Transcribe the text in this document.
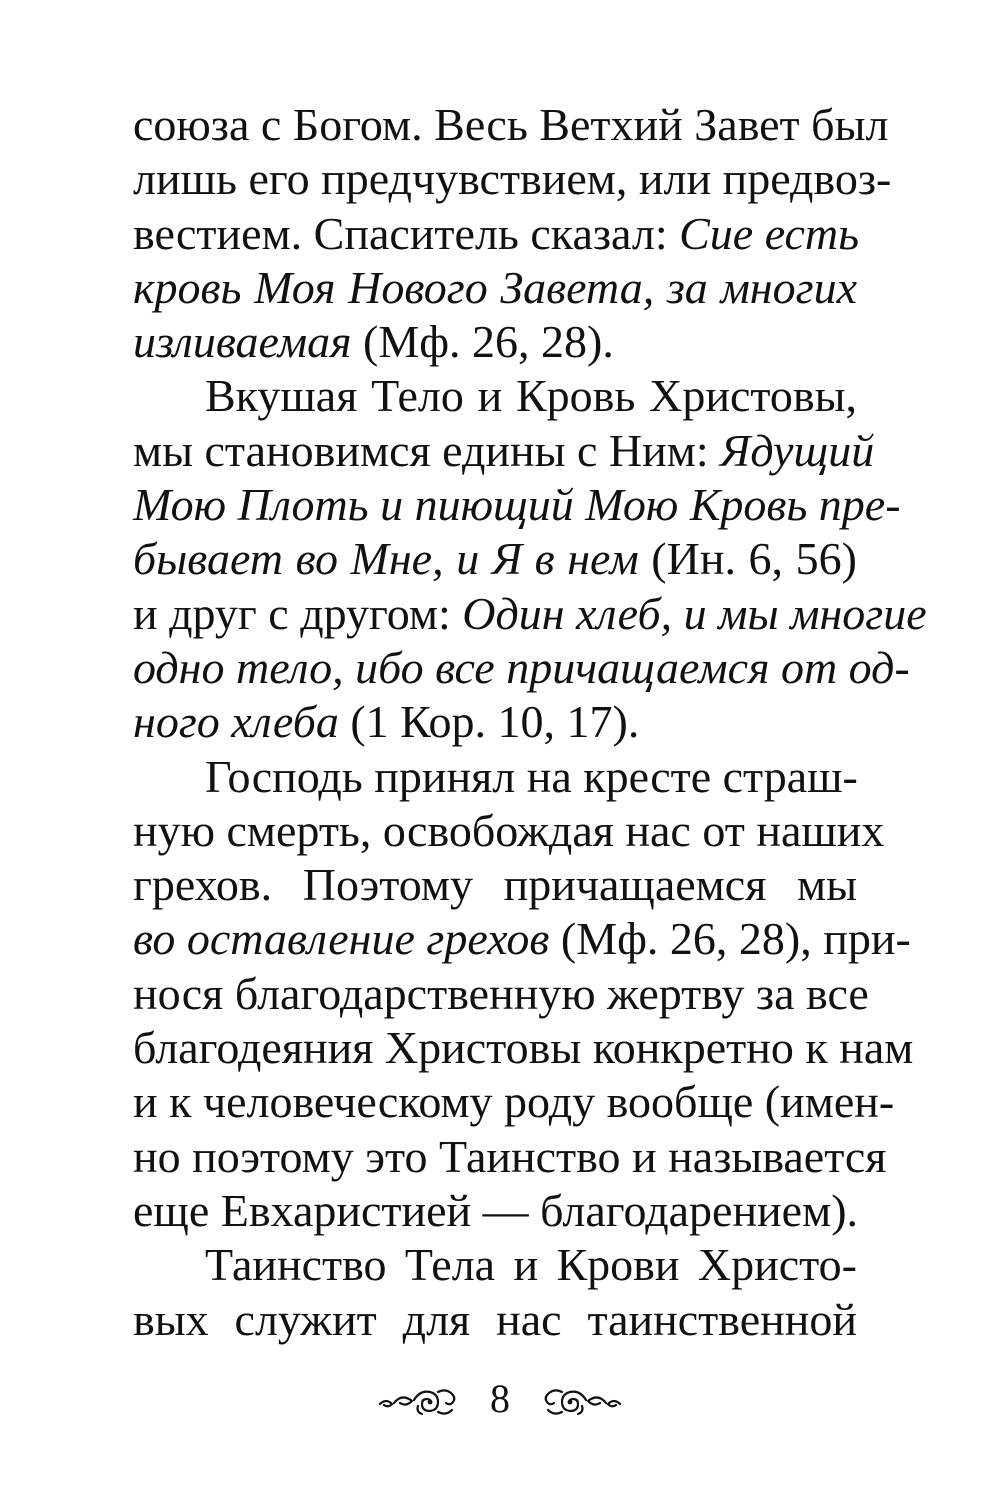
союза с Богом. Весь Ветхий Завет был
лишь его предчувствием, или предвоз-
вестием. Спаситель сказал: Сие есть
кровь Моя Нового Завета, за многих
изливаемая (Мф. 26, 28).
Вкушая Тело и Кровь Христовы,
мы становимся едины с Ним: Ядущий
Мою Плоть и пиющий Мою Кровь пре-
бывает во Мне, и Я в нем (Ин. 6, 56)
и друг с другом: Один хлеб, и мы многие
одно тело, ибо все причащаемся от од-
ного хлеба (1 Кор. 10, 17).
Господь принял на кресте страш-
ную смерть, освобождая нас от наших
грехов. Поэтому причащаемся мы
во оставление грехов (Мф. 26, 28), при-
нося благодарственную жертву за все
благодеяния Христовы конкретно к нам
и к человеческому роду вообще (имен-
но поэтому это Таинство и называется
еще Евхаристией — благодарением).
Таинство Тела и Крови Христо-
вых служит для нас таинственной
8
